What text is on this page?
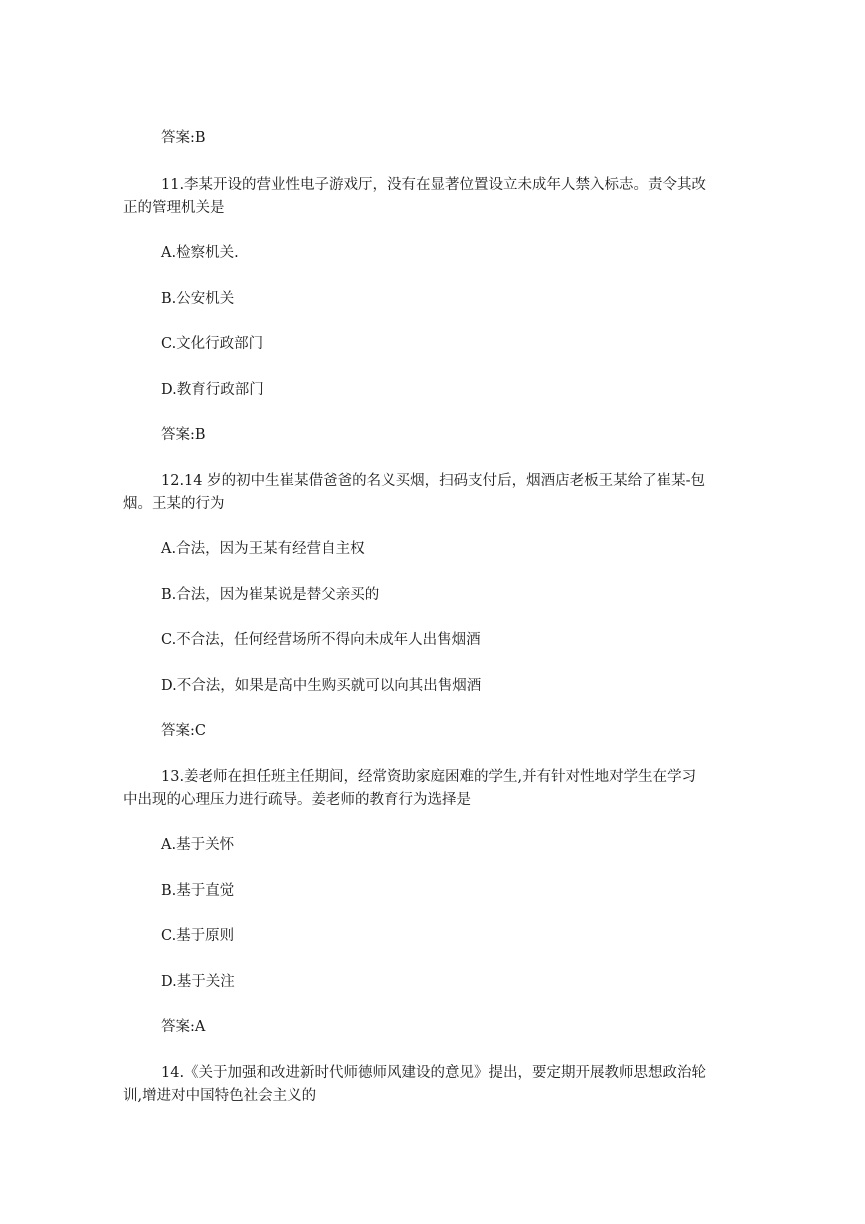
答案:B
11.李某开设的营业性电子游戏厅，没有在显著位置设立未成年人禁入标志。责令其改
正的管理机关是
A.检察机关.
B.公安机关
C.文化行政部门
D.教育行政部门
答案:B
12.14 岁的初中生崔某借爸爸的名义买烟，扫码支付后，烟酒店老板王某给了崔某-包
烟。王某的行为
A.合法，因为王某有经营自主权
B.合法，因为崔某说是替父亲买的
C.不合法，任何经营场所不得向未成年人出售烟酒
D.不合法，如果是高中生购买就可以向其出售烟酒
答案:C
13.姜老师在担任班主任期间，经常资助家庭困难的学生,并有针对性地对学生在学习
中出现的心理压力进行疏导。姜老师的教育行为选择是
A.基于关怀
B.基于直觉
C.基于原则
D.基于关注
答案:A
14.《关于加强和改进新时代师德师风建设的意见》提出，要定期开展教师思想政治轮
训,增进对中国特色社会主义的
